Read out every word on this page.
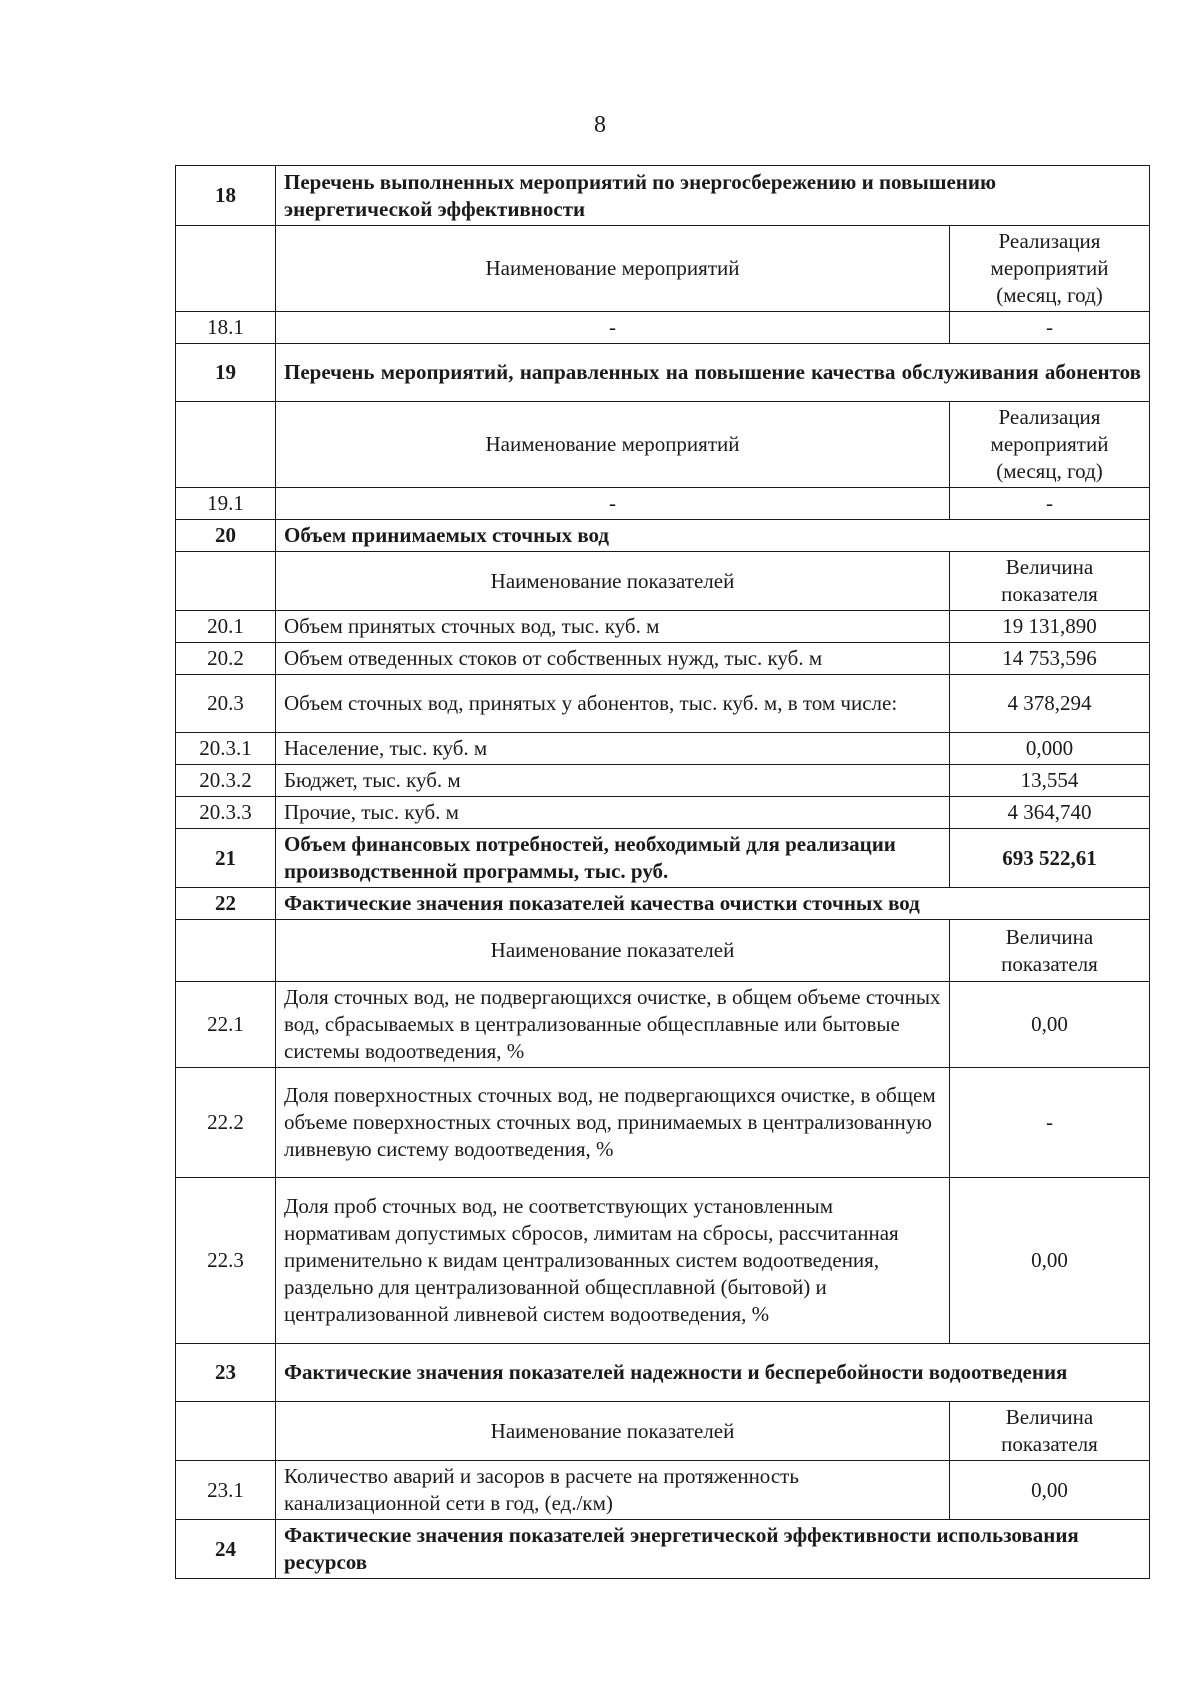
8
18	Перечень выполненных мероприятий по энергосбережению и повышению энергетической эффективности	
	Наименование мероприятий	Реализация мероприятий (месяц, год)
18.1	-	-
19	Перечень мероприятий, направленных на повышение качества обслуживания абонентов	
	Наименование мероприятий	Реализация мероприятий (месяц, год)
19.1	-	-
20	Объем принимаемых сточных вод	
	Наименование показателей	Величина показателя
20.1	Объем принятых сточных вод, тыс. куб. м	19 131,890
20.2	Объем отведенных стоков от собственных нужд, тыс. куб. м	14 753,596
20.3	Объем сточных вод, принятых у абонентов, тыс. куб. м, в том числе:	4 378,294
20.3.1	Население, тыс. куб. м	0,000
20.3.2	Бюджет, тыс. куб. м	13,554
20.3.3	Прочие, тыс. куб. м	4 364,740
21	Объем финансовых потребностей, необходимый для реализации производственной программы, тыс. руб.	693 522,61
22	Фактические значения показателей качества очистки сточных вод	
	Наименование показателей	Величина показателя
22.1	Доля сточных вод, не подвергающихся очистке, в общем объеме сточных вод, сбрасываемых в централизованные общесплавные или бытовые системы водоотведения, %	0,00
22.2	Доля поверхностных сточных вод, не подвергающихся очистке, в общем объеме поверхностных сточных вод, принимаемых в централизованную ливневую систему водоотведения, %	-
22.3	Доля проб сточных вод, не соответствующих установленным нормативам допустимых сбросов, лимитам на сбросы, рассчитанная применительно к видам централизованных систем водоотведения, раздельно для централизованной общесплавной (бытовой) и централизованной ливневой систем водоотведения, %	0,00
23	Фактические значения показателей надежности и бесперебойности водоотведения	
	Наименование показателей	Величина показателя
23.1	Количество аварий и засоров в расчете на протяженность канализационной сети в год, (ед./км)	0,00
24	Фактические значения показателей энергетической эффективности использования ресурсов	
